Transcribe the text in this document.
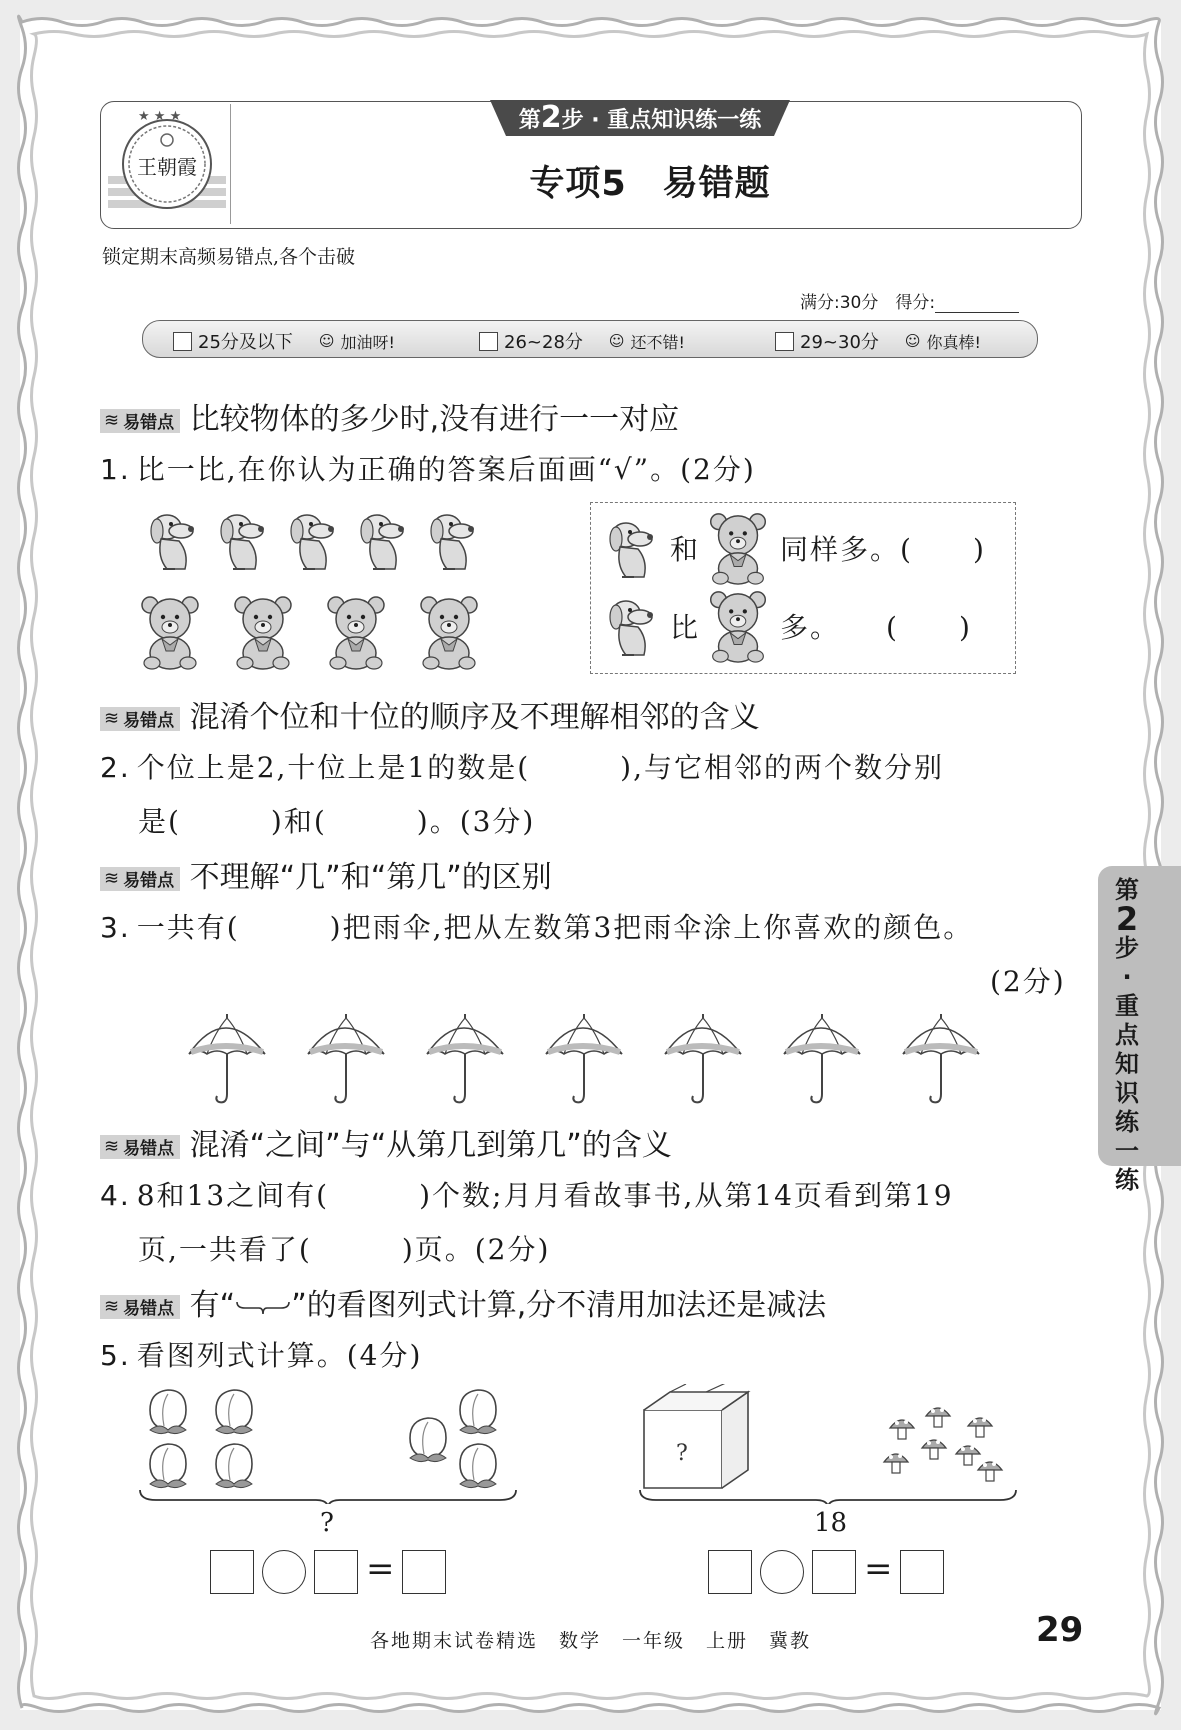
★ ★ ★
王朝霞
第2步 · 重点知识练一练
专项5　易错题
锁定期末高频易错点,各个击破
满分:30分　得分:
25分及以下 ☺ 加油呀!	26~28分 ☺ 还不错!	29~30分 ☺ 你真棒!
≋ 易错点 比较物体的多少时,没有进行一一对应
1. 比一比,在你认为正确的答案后面画“√”。(2分)
和	同样多。(　　)
比	多。　　(　　)
≋ 易错点 混淆个位和十位的顺序及不理解相邻的含义
2. 个位上是2,十位上是1的数是(　　　),与它相邻的两个数分别
是(　　　)和(　　　)。(3分)
≋ 易错点 不理解“几”和“第几”的区别
3. 一共有(　　　)把雨伞,把从左数第3把雨伞涂上你喜欢的颜色。
(2分)
≋ 易错点 混淆“之间”与“从第几到第几”的含义
4. 8和13之间有(　　　)个数;月月看故事书,从第14页看到第19
页,一共看了(　　　)页。(2分)
≋ 易错点 有“ ”的看图列式计算,分不清用加法还是减法
5. 看图列式计算。(4分)
?
?
18
=	=
第
2
步·重点知识练一练
各地期末试卷精选　数学　一年级　上册　冀教	29
